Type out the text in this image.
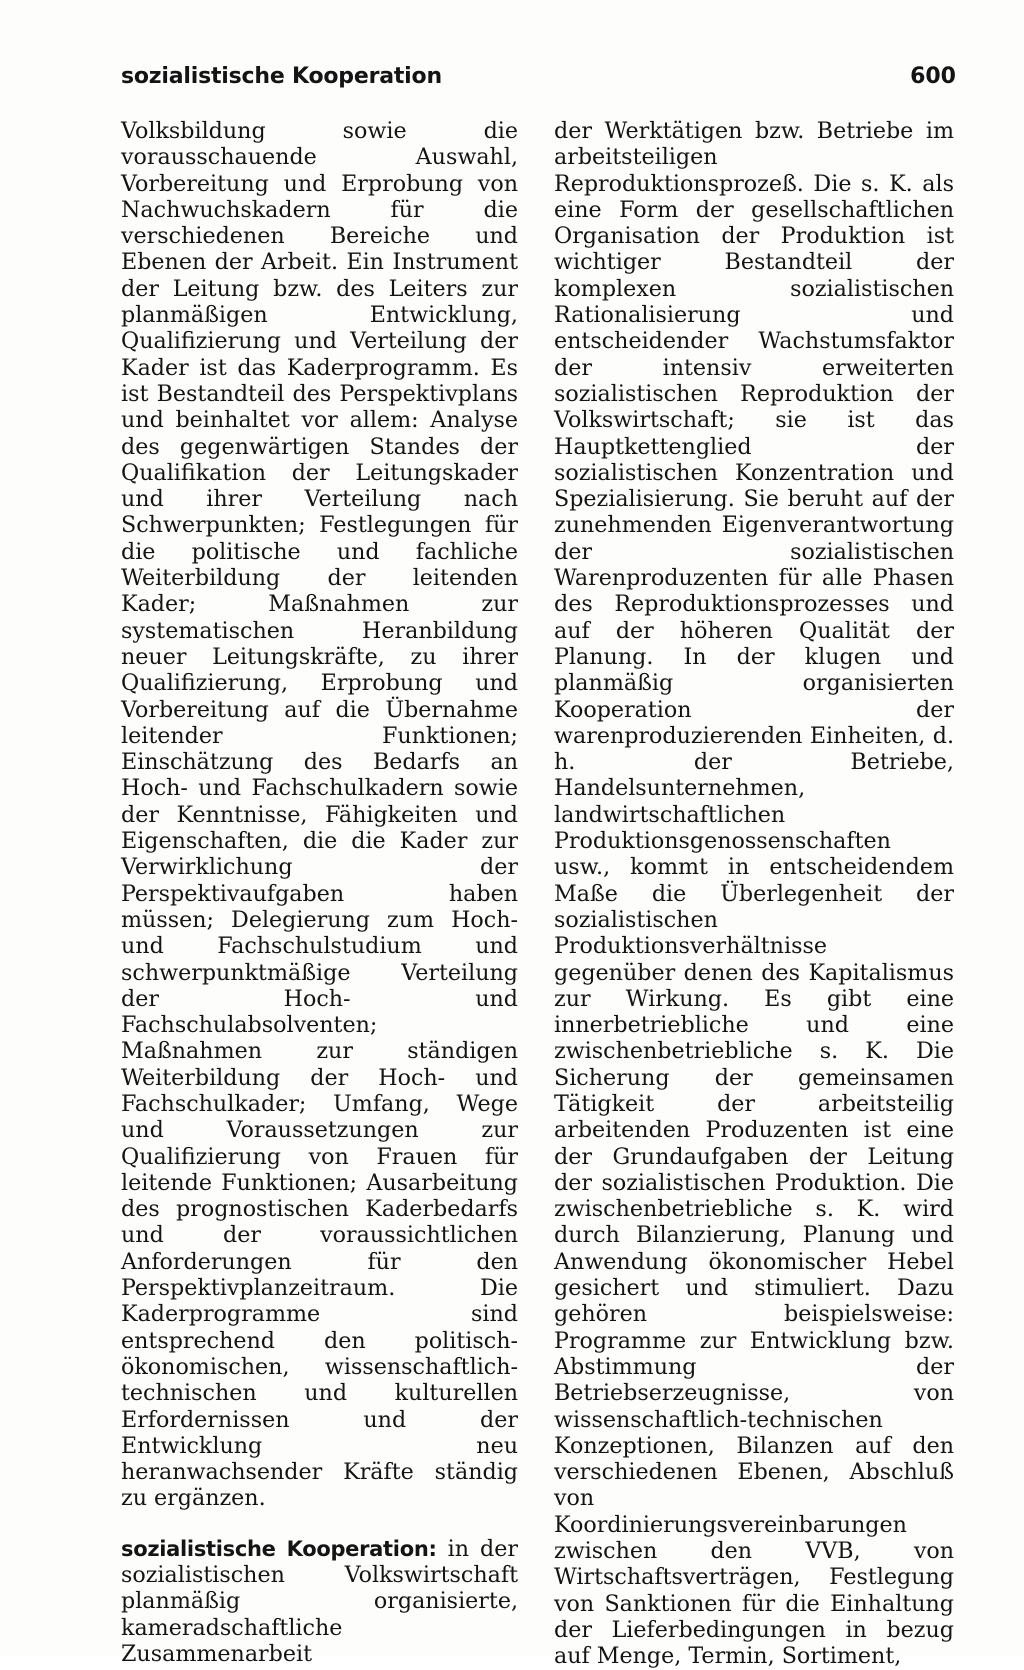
sozialistische Kooperation	600

Volksbildung sowie die vorausschauende Auswahl, Vorbereitung und Erprobung von Nachwuchskadern für die verschiedenen Bereiche und Ebenen der Arbeit. Ein Instrument der Leitung bzw. des Leiters zur planmäßigen Entwicklung, Qualifizierung und Verteilung der Kader ist das Kaderprogramm. Es ist Bestandteil des Perspektivplans und beinhaltet vor allem: Analyse des gegenwärtigen Standes der Qualifikation der Leitungskader und ihrer Verteilung nach Schwerpunkten; Festlegungen für die politische und fachliche Weiterbildung der leitenden Kader; Maßnahmen zur systematischen Heranbildung neuer Leitungskräfte, zu ihrer Qualifizierung, Erprobung und Vorbereitung auf die Übernahme leitender Funktionen; Einschätzung des Bedarfs an Hoch- und Fachschulkadern sowie der Kenntnisse, Fähigkeiten und Eigenschaften, die die Kader zur Verwirklichung der Perspektivaufgaben haben müssen; Delegierung zum Hoch- und Fachschulstudium und schwerpunktmäßige Verteilung der Hoch- und Fachschulabsolventen; Maßnahmen zur ständigen Weiterbildung der Hoch- und Fachschulkader; Umfang, Wege und Voraussetzungen zur Qualifizierung von Frauen für leitende Funktionen; Ausarbeitung des prognostischen Kaderbedarfs und der voraussichtlichen Anforderungen für den Perspektivplanzeitraum. Die Kaderprogramme sind entsprechend den politisch-ökonomischen, wissenschaftlich-technischen und kulturellen Erfordernissen und der Entwicklung neu heranwachsender Kräfte ständig zu ergänzen.

sozialistische Kooperation: in der sozialistischen Volkswirtschaft planmäßig organisierte, kameradschaftliche Zusammenarbeit

der Werktätigen bzw. Betriebe im arbeitsteiligen Reproduktionsprozeß. Die s. K. als eine Form der gesellschaftlichen Organisation der Produktion ist wichtiger Bestandteil der komplexen sozialistischen Rationalisierung und entscheidender Wachstumsfaktor der intensiv erweiterten sozialistischen Reproduktion der Volkswirtschaft; sie ist das Hauptkettenglied der sozialistischen Konzentration und Spezialisierung. Sie beruht auf der zunehmenden Eigenverantwortung der sozialistischen Warenproduzenten für alle Phasen des Reproduktionsprozesses und auf der höheren Qualität der Planung. In der klugen und planmäßig organisierten Kooperation der warenproduzierenden Einheiten, d. h. der Betriebe, Handelsunternehmen, landwirtschaftlichen Produktionsgenossenschaften usw., kommt in entscheidendem Maße die Überlegenheit der sozialistischen Produktionsverhältnisse gegenüber denen des Kapitalismus zur Wirkung. Es gibt eine innerbetriebliche und eine zwischenbetriebliche s. K. Die Sicherung der gemeinsamen Tätigkeit der arbeitsteilig arbeitenden Produzenten ist eine der Grundaufgaben der Leitung der sozialistischen Produktion. Die zwischenbetriebliche s. K. wird durch Bilanzierung, Planung und Anwendung ökonomischer Hebel gesichert und stimuliert. Dazu gehören beispielsweise: Programme zur Entwicklung bzw. Abstimmung der Betriebserzeugnisse, von wissenschaftlich-technischen Konzeptionen, Bilanzen auf den verschiedenen Ebenen, Abschluß von Koordinierungsvereinbarungen zwischen den VVB, von Wirtschaftsverträgen, Festlegung von Sanktionen für die Einhaltung der Lieferbedingungen in bezug auf Menge, Termin, Sortiment,
